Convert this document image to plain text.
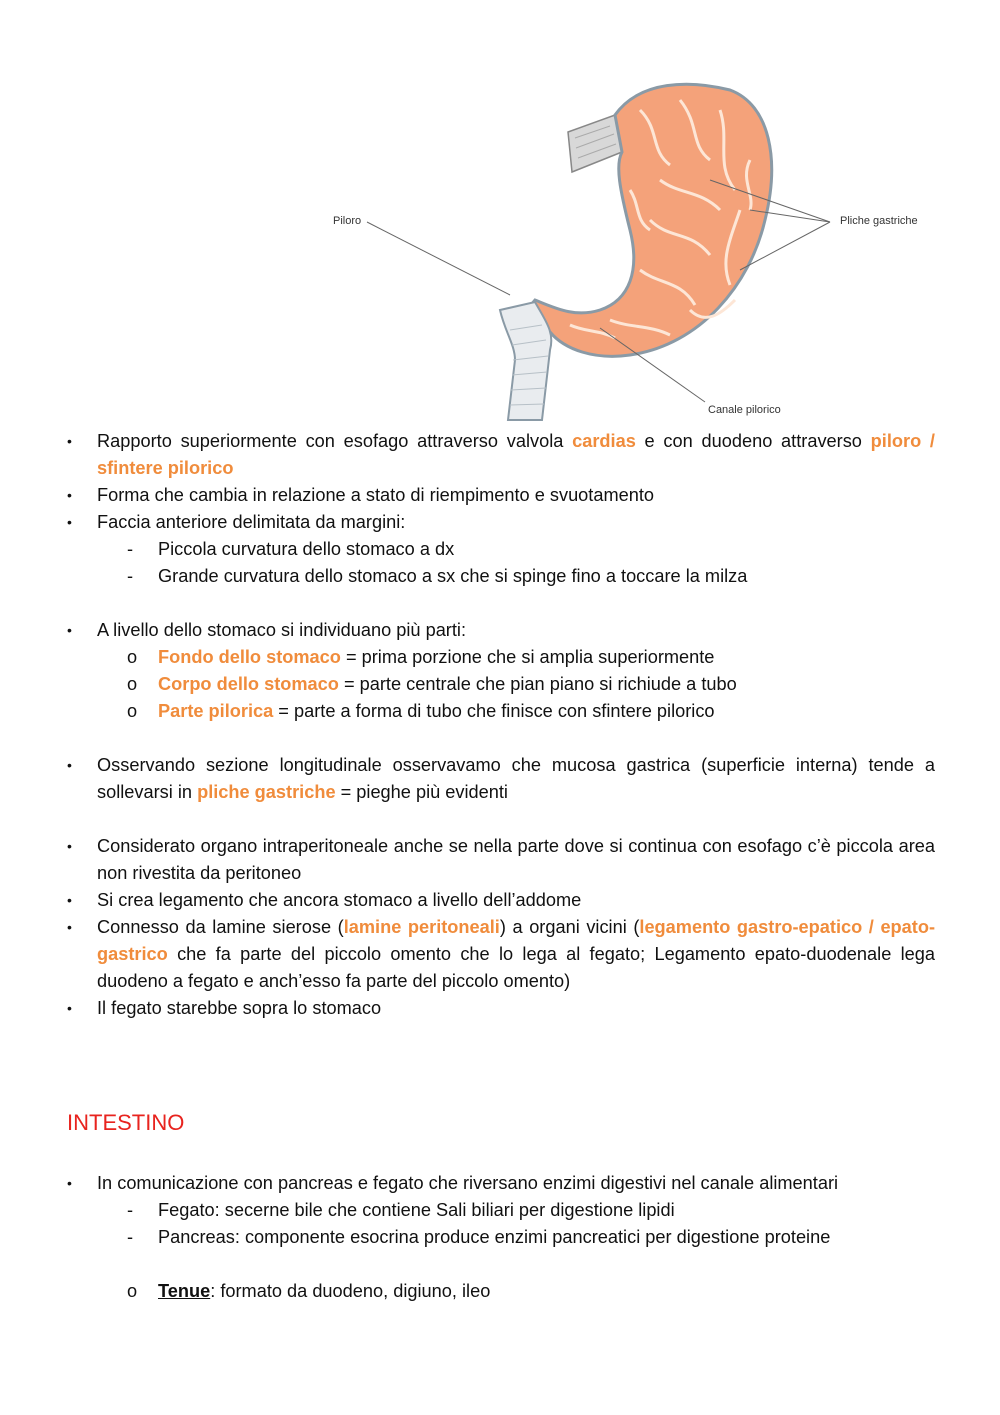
Piloro	Pliche gastriche
Canale pilorico
•	Rapporto superiormente con esofago attraverso valvola cardias e con duodeno attraverso piloro / sfintere pilorico
•	Forma che cambia in relazione a stato di riempimento e svuotamento
•	Faccia anteriore delimitata da margini:
-	Piccola curvatura dello stomaco a dx
-	Grande curvatura dello stomaco a sx che si spinge fino a toccare la milza
•	A livello dello stomaco si individuano più parti:
o	Fondo dello stomaco = prima porzione che si amplia superiormente
o	Corpo dello stomaco = parte centrale che pian piano si richiude a tubo
o	Parte pilorica = parte a forma di tubo che finisce con sfintere pilorico
•	Osservando sezione longitudinale osservavamo che mucosa gastrica (superficie interna) tende a sollevarsi in pliche gastriche = pieghe più evidenti
•	Considerato organo intraperitoneale anche se nella parte dove si continua con esofago c’è piccola area non rivestita da peritoneo
•	Si crea legamento che ancora stomaco a livello dell’addome
•	Connesso da lamine sierose (lamine peritoneali) a organi vicini (legamento gastro-epatico / epato-gastrico che fa parte del piccolo omento che lo lega al fegato; Legamento epato-duodenale lega duodeno a fegato e anch’esso fa parte del piccolo omento)
•	Il fegato starebbe sopra lo stomaco
INTESTINO
•	In comunicazione con pancreas e fegato che riversano enzimi digestivi nel canale alimentari
-	Fegato: secerne bile che contiene Sali biliari per digestione lipidi
-	Pancreas: componente esocrina produce enzimi pancreatici per digestione proteine
o	Tenue: formato da duodeno, digiuno, ileo
